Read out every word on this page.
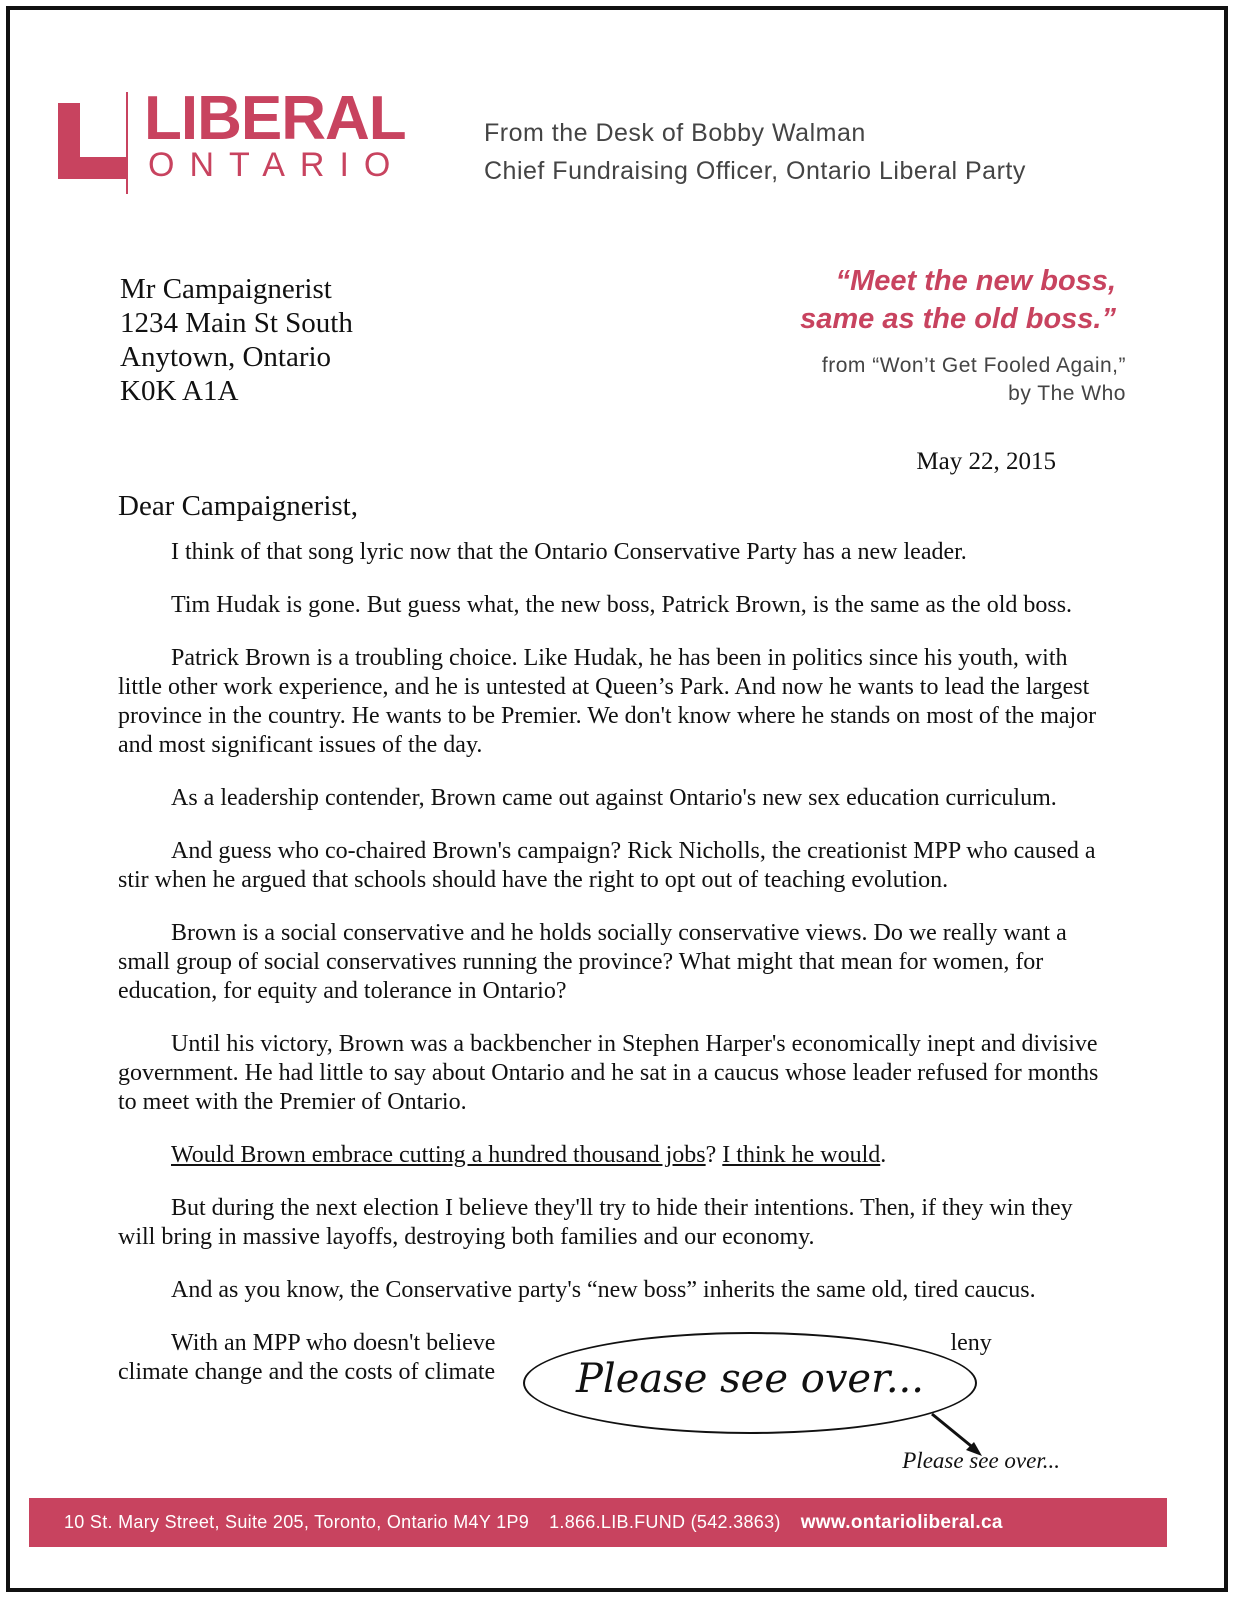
LIBERAL
ONTARIO
From the Desk of Bobby Walman
Chief Fundraising Officer, Ontario Liberal Party
Mr Campaignerist
1234 Main St South
Anytown, Ontario
K0K A1A
“Meet the new boss,
same as the old boss.”
from “Won’t Get Fooled Again,”
by The Who
May 22, 2015
Dear Campaignerist,

I think of that song lyric now that the Ontario Conservative Party has a new leader.

Tim Hudak is gone. But guess what, the new boss, Patrick Brown, is the same as the old boss.

Patrick Brown is a troubling choice. Like Hudak, he has been in politics since his youth, with little other work experience, and he is untested at Queen’s Park. And now he wants to lead the largest province in the country. He wants to be Premier. We don't know where he stands on most of the major and most significant issues of the day.

As a leadership contender, Brown came out against Ontario's new sex education curriculum.

And guess who co-chaired Brown's campaign? Rick Nicholls, the creationist MPP who caused a stir when he argued that schools should have the right to opt out of teaching evolution.

Brown is a social conservative and he holds socially conservative views. Do we really want a small group of social conservatives running the province? What might that mean for women, for education, for equity and tolerance in Ontario?

Until his victory, Brown was a backbencher in Stephen Harper's economically inept and divisive government. He had little to say about Ontario and he sat in a caucus whose leader refused for months to meet with the Premier of Ontario.

Would Brown embrace cutting a hundred thousand jobs? I think he would.

But during the next election I believe they'll try to hide their intentions. Then, if they win they will bring in massive layoffs, destroying both families and our economy.

And as you know, the Conservative party's “new boss” inherits the same old, tired caucus.

With an MPP who doesn't believe	leny
climate change and the costs of climate	Please see over...
Please see over...
10 St. Mary Street, Suite 205, Toronto, Ontario M4Y 1P9 1.866.LIB.FUND (542.3863) www.ontarioliberal.ca
